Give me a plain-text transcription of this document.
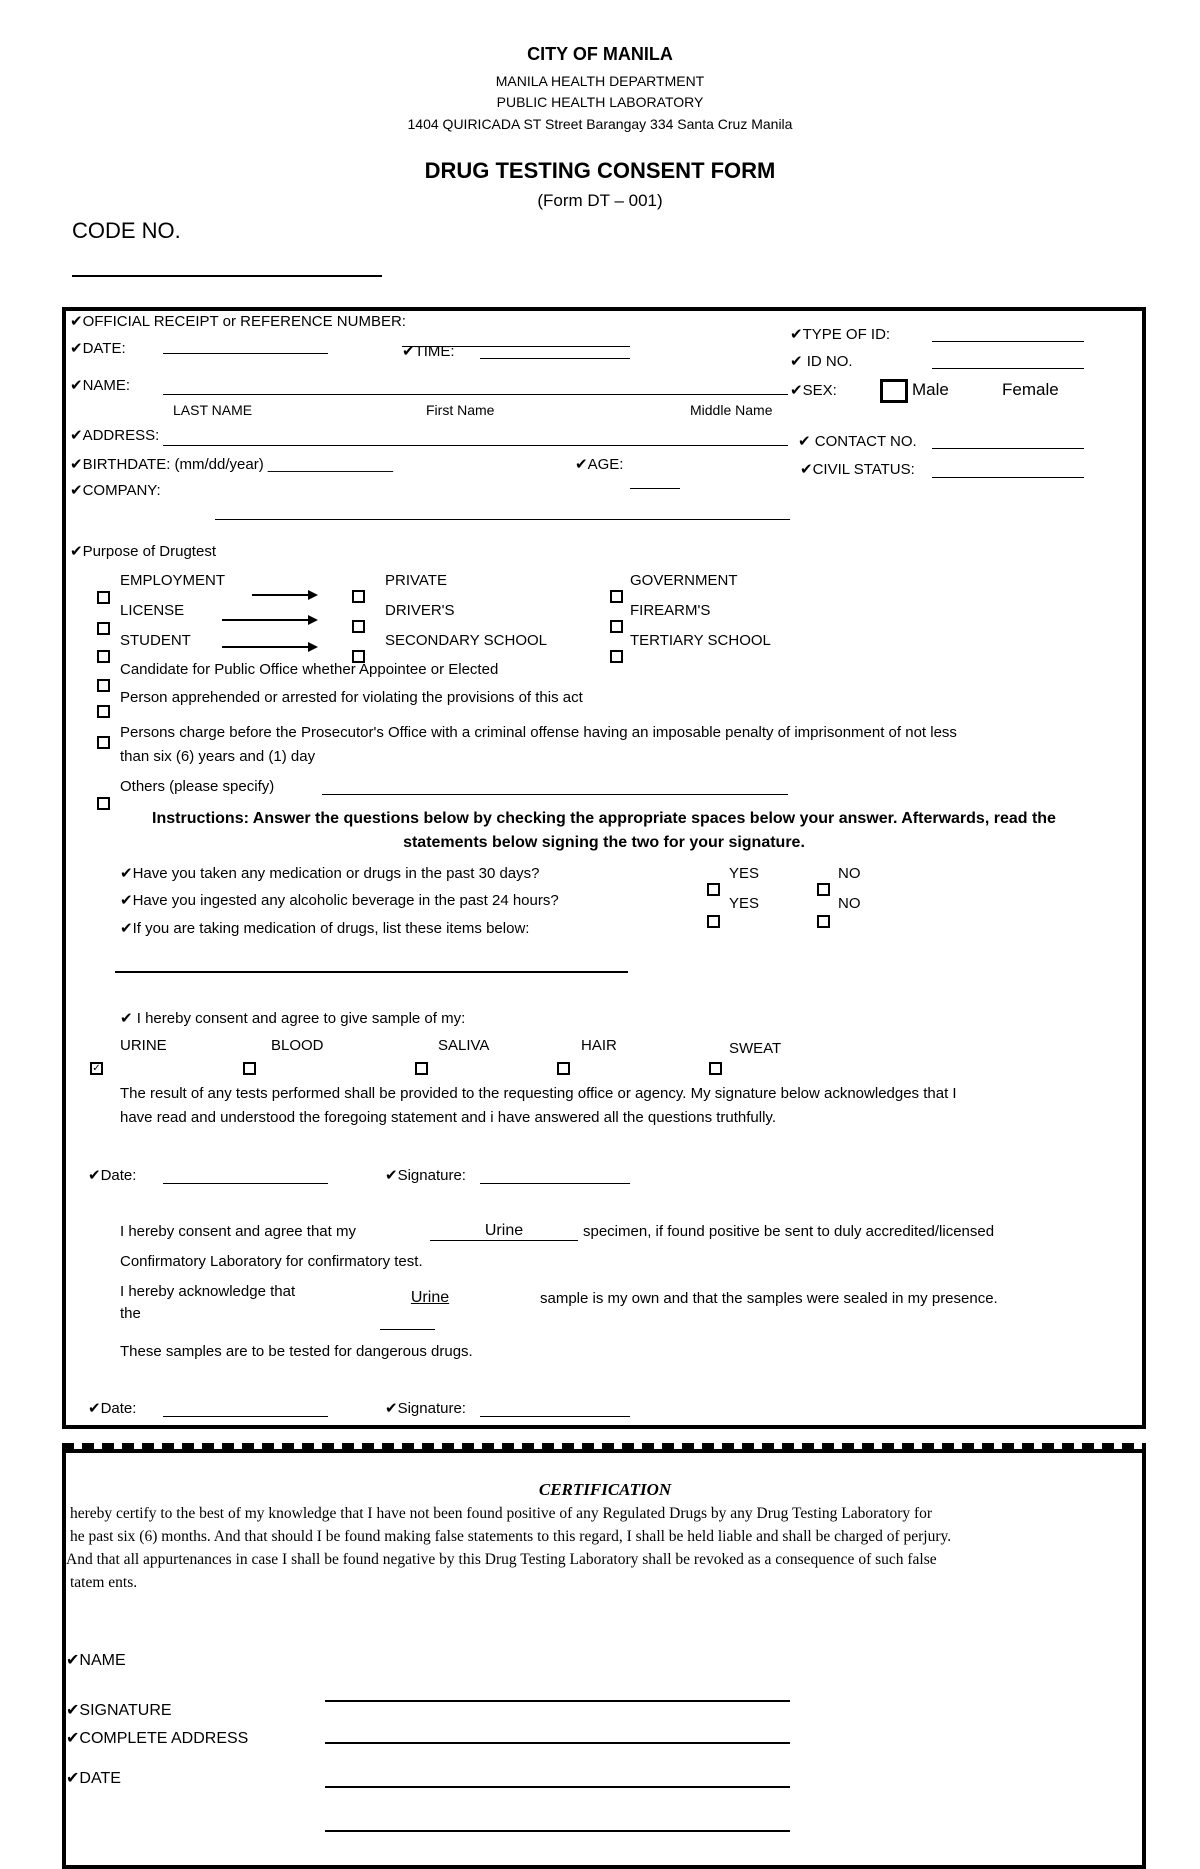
CITY OF MANILA
MANILA HEALTH DEPARTMENT
PUBLIC HEALTH LABORATORY
1404 QUIRICADA ST Street Barangay 334 Santa Cruz Manila
DRUG TESTING CONSENT FORM
(Form DT – 001)
CODE NO.
✔OFFICIAL RECEIPT or REFERENCE NUMBER:
✔DATE:	✔TIME:
✔TYPE OF ID:
✔ ID NO.
✔NAME:	✔SEX:	Male	Female
LAST NAME	First Name	Middle Name
✔ADDRESS:	✔ CONTACT NO.
✔BIRTHDATE: (mm/dd/year) _______________	✔AGE:	✔CIVIL STATUS:
✔COMPANY:
✔Purpose of Drugtest
EMPLOYMENT	PRIVATE	GOVERNMENT
LICENSE	DRIVER'S	FIREARM'S
STUDENT	SECONDARY SCHOOL	TERTIARY SCHOOL
Candidate for Public Office whether Appointee or Elected
Person apprehended or arrested for violating the provisions of this act
Persons charge before the Prosecutor's Office with a criminal offense having an imposable penalty of imprisonment of not less
than six (6) years and (1) day
Others (please specify)
Instructions: Answer the questions below by checking the appropriate spaces below your answer. Afterwards, read the
statements below signing the two for your signature.
✔Have you taken any medication or drugs in the past 30 days?
✔Have you ingested any alcoholic beverage in the past 24 hours?
✔If you are taking medication of drugs, list these items below:
YES	NO
YES	NO
✔ I hereby consent and agree to give sample of my:
URINE	BLOOD	SALIVA	HAIR	SWEAT
✓
The result of any tests performed shall be provided to the requesting office or agency. My signature below acknowledges that I
have read and understood the foregoing statement and i have answered all the questions truthfully.
✔Date:	✔Signature:
I hereby consent and agree that my	Urine	specimen, if found positive be sent to duly accredited/licensed
Confirmatory Laboratory for confirmatory test.
I hereby acknowledge that
the
Urine	sample is my own and that the samples were sealed in my presence.
These samples are to be tested for dangerous drugs.
✔Date:	✔Signature:
CERTIFICATION
hereby certify to the best of my knowledge that I have not been found positive of any Regulated Drugs by any Drug Testing Laboratory for
he past six (6) months. And that should I be found making false statements to this regard, I shall be held liable and shall be charged of perjury.
And that all appurtenances in case I shall be found negative by this Drug Testing Laboratory shall be revoked as a consequence of such false
tatem ents.
✔NAME
✔SIGNATURE
✔COMPLETE ADDRESS
✔DATE
